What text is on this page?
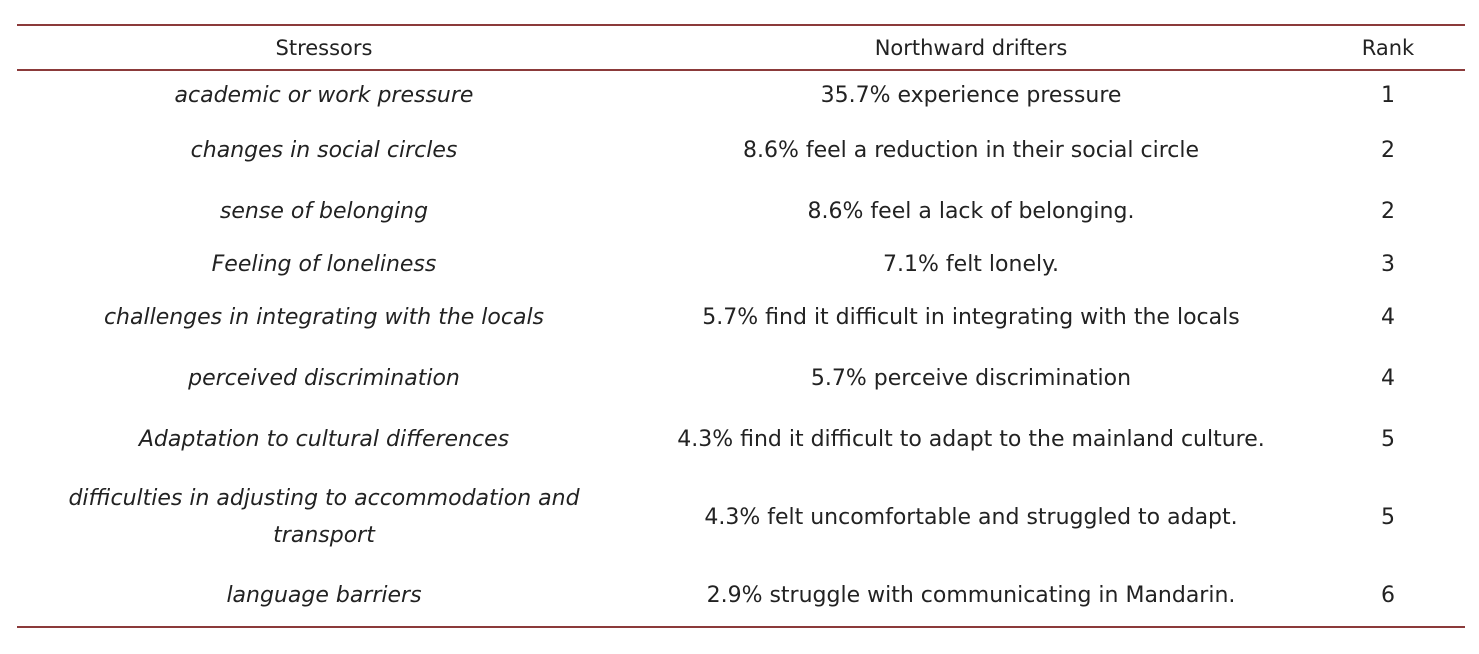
Stressors	Northward drifters	Rank
academic or work pressure	35.7% experience pressure	1
changes in social circles	8.6% feel a reduction in their social circle	2
sense of belonging	8.6% feel a lack of belonging.	2
Feeling of loneliness	7.1% felt lonely.	3
challenges in integrating with the locals	5.7% find it difficult in integrating with the locals	4
perceived discrimination	5.7% perceive discrimination	4
Adaptation to cultural differences	4.3% find it difficult to adapt to the mainland culture.	5
difficulties in adjusting to accommodation and transport	4.3% felt uncomfortable and struggled to adapt.	5
language barriers	2.9% struggle with communicating in Mandarin.	6
